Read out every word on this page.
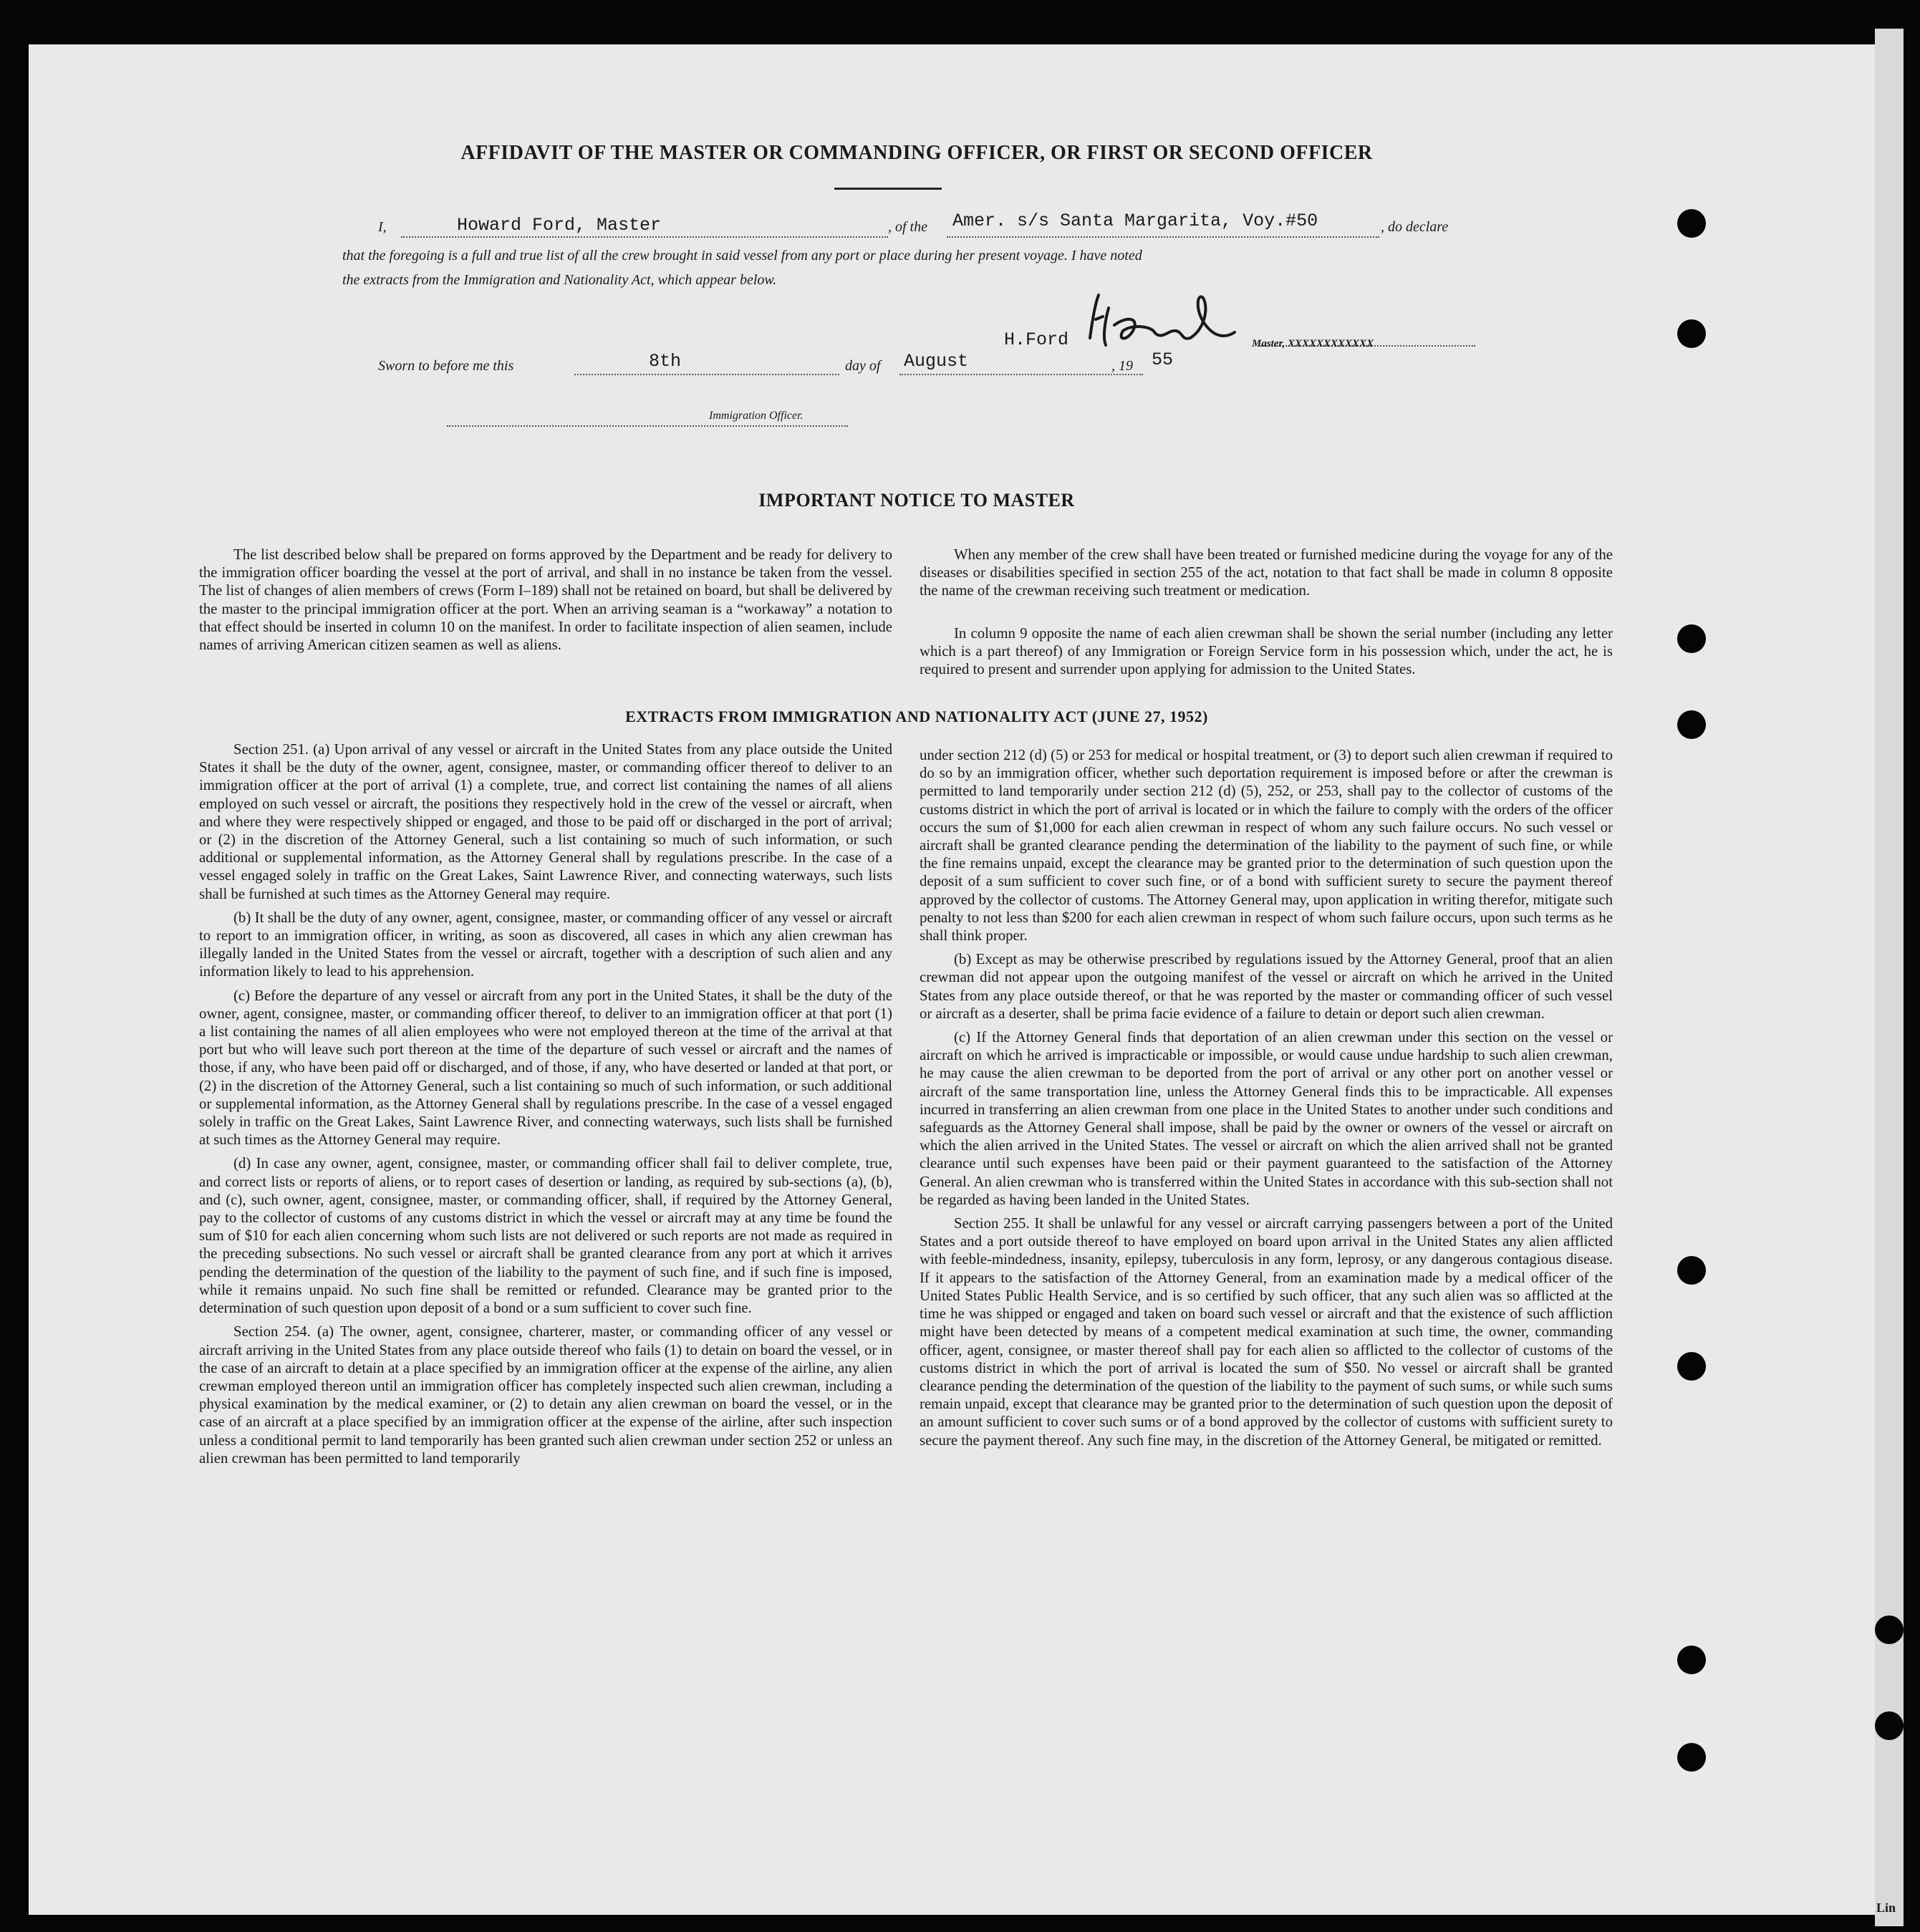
AFFIDAVIT OF THE MASTER OR COMMANDING OFFICER, OR FIRST OR SECOND OFFICER
I,	Howard Ford, Master	, of the Amer. s/s Santa Margarita, Voy.#50	, do declare
that the foregoing is a full and true list of all the crew brought in said vessel from any port or place during her present voyage. I have noted
the extracts from the Immigration and Nationality Act, which appear below.
H.Ford	Master, XXXXXXXXXXXX
Sworn to before me this	8th	day of August	, 19 55
Immigration Officer.
IMPORTANT NOTICE TO MASTER

The list described below shall be prepared on forms approved by the Department and be ready for delivery to the immigration officer boarding the vessel at the port of arrival, and shall in no instance be taken from the vessel. The list of changes of alien members of crews (Form I–189) shall not be retained on board, but shall be delivered by the master to the principal immigration officer at the port. When an arriving seaman is a “workaway” a notation to that effect should be inserted in column 10 on the manifest. In order to facilitate inspection of alien seamen, include names of arriving American citizen seamen as well as aliens.

When any member of the crew shall have been treated or furnished medicine during the voyage for any of the diseases or disabilities specified in section 255 of the act, notation to that fact shall be made in column 8 opposite the name of the crewman receiving such treatment or medication.

In column 9 opposite the name of each alien crewman shall be shown the serial number (including any letter which is a part thereof) of any Immigration or Foreign Service form in his possession which, under the act, he is required to present and surrender upon applying for admission to the United States.

EXTRACTS FROM IMMIGRATION AND NATIONALITY ACT (JUNE 27, 1952)

Section 251. (a) Upon arrival of any vessel or aircraft in the United States from any place outside the United States it shall be the duty of the owner, agent, consignee, master, or commanding officer thereof to deliver to an immigration officer at the port of arrival (1) a complete, true, and correct list containing the names of all aliens employed on such vessel or aircraft, the positions they respectively hold in the crew of the vessel or aircraft, when and where they were respectively shipped or engaged, and those to be paid off or discharged in the port of arrival; or (2) in the discretion of the Attorney General, such a list containing so much of such information, or such additional or supplemental information, as the Attorney General shall by regulations prescribe. In the case of a vessel engaged solely in traffic on the Great Lakes, Saint Lawrence River, and connecting waterways, such lists shall be furnished at such times as the Attorney General may require.

(b) It shall be the duty of any owner, agent, consignee, master, or commanding officer of any vessel or aircraft to report to an immigration officer, in writing, as soon as discovered, all cases in which any alien crewman has illegally landed in the United States from the vessel or aircraft, together with a description of such alien and any information likely to lead to his apprehension.

(c) Before the departure of any vessel or aircraft from any port in the United States, it shall be the duty of the owner, agent, consignee, master, or commanding officer thereof, to deliver to an immigration officer at that port (1) a list containing the names of all alien employees who were not employed thereon at the time of the arrival at that port but who will leave such port thereon at the time of the departure of such vessel or aircraft and the names of those, if any, who have been paid off or discharged, and of those, if any, who have deserted or landed at that port, or (2) in the discretion of the Attorney General, such a list containing so much of such information, or such additional or supplemental information, as the Attorney General shall by regulations prescribe. In the case of a vessel engaged solely in traffic on the Great Lakes, Saint Lawrence River, and connecting waterways, such lists shall be furnished at such times as the Attorney General may require.

(d) In case any owner, agent, consignee, master, or commanding officer shall fail to deliver complete, true, and correct lists or reports of aliens, or to report cases of desertion or landing, as required by sub-sections (a), (b), and (c), such owner, agent, consignee, master, or commanding officer, shall, if required by the Attorney General, pay to the collector of customs of any customs district in which the vessel or aircraft may at any time be found the sum of $10 for each alien concerning whom such lists are not delivered or such reports are not made as required in the preceding subsections. No such vessel or aircraft shall be granted clearance from any port at which it arrives pending the determination of the question of the liability to the payment of such fine, and if such fine is imposed, while it remains unpaid. No such fine shall be remitted or refunded. Clearance may be granted prior to the determination of such question upon deposit of a bond or a sum sufficient to cover such fine.

Section 254. (a) The owner, agent, consignee, charterer, master, or commanding officer of any vessel or aircraft arriving in the United States from any place outside thereof who fails (1) to detain on board the vessel, or in the case of an aircraft to detain at a place specified by an immigration officer at the expense of the airline, any alien crewman employed thereon until an immigration officer has completely inspected such alien crewman, including a physical examination by the medical examiner, or (2) to detain any alien crewman on board the vessel, or in the case of an aircraft at a place specified by an immigration officer at the expense of the airline, after such inspection unless a conditional permit to land temporarily has been granted such alien crewman under section 252 or unless an alien crewman has been permitted to land temporarily

under section 212 (d) (5) or 253 for medical or hospital treatment, or (3) to deport such alien crewman if required to do so by an immigration officer, whether such deportation requirement is imposed before or after the crewman is permitted to land temporarily under section 212 (d) (5), 252, or 253, shall pay to the collector of customs of the customs district in which the port of arrival is located or in which the failure to comply with the orders of the officer occurs the sum of $1,000 for each alien crewman in respect of whom any such failure occurs. No such vessel or aircraft shall be granted clearance pending the determination of the liability to the payment of such fine, or while the fine remains unpaid, except the clearance may be granted prior to the determination of such question upon the deposit of a sum sufficient to cover such fine, or of a bond with sufficient surety to secure the payment thereof approved by the collector of customs. The Attorney General may, upon application in writing therefor, mitigate such penalty to not less than $200 for each alien crewman in respect of whom such failure occurs, upon such terms as he shall think proper.

(b) Except as may be otherwise prescribed by regulations issued by the Attorney General, proof that an alien crewman did not appear upon the outgoing manifest of the vessel or aircraft on which he arrived in the United States from any place outside thereof, or that he was reported by the master or commanding officer of such vessel or aircraft as a deserter, shall be prima facie evidence of a failure to detain or deport such alien crewman.

(c) If the Attorney General finds that deportation of an alien crewman under this section on the vessel or aircraft on which he arrived is impracticable or impossible, or would cause undue hardship to such alien crewman, he may cause the alien crewman to be deported from the port of arrival or any other port on another vessel or aircraft of the same transportation line, unless the Attorney General finds this to be impracticable. All expenses incurred in transferring an alien crewman from one place in the United States to another under such conditions and safeguards as the Attorney General shall impose, shall be paid by the owner or owners of the vessel or aircraft on which the alien arrived in the United States. The vessel or aircraft on which the alien arrived shall not be granted clearance until such expenses have been paid or their payment guaranteed to the satisfaction of the Attorney General. An alien crewman who is transferred within the United States in accordance with this sub-section shall not be regarded as having been landed in the United States.

Section 255. It shall be unlawful for any vessel or aircraft carrying passengers between a port of the United States and a port outside thereof to have employed on board upon arrival in the United States any alien afflicted with feeble-mindedness, insanity, epilepsy, tuberculosis in any form, leprosy, or any dangerous contagious disease. If it appears to the satisfaction of the Attorney General, from an examination made by a medical officer of the United States Public Health Service, and is so certified by such officer, that any such alien was so afflicted at the time he was shipped or engaged and taken on board such vessel or aircraft and that the existence of such affliction might have been detected by means of a competent medical examination at such time, the owner, commanding officer, agent, consignee, or master thereof shall pay for each alien so afflicted to the collector of customs of the customs district in which the port of arrival is located the sum of $50. No vessel or aircraft shall be granted clearance pending the determination of the question of the liability to the payment of such sums, or while such sums remain unpaid, except that clearance may be granted prior to the determination of such question upon the deposit of an amount sufficient to cover such sums or of a bond approved by the collector of customs with sufficient surety to secure the payment thereof. Any such fine may, in the discretion of the Attorney General, be mitigated or remitted.

Lin
